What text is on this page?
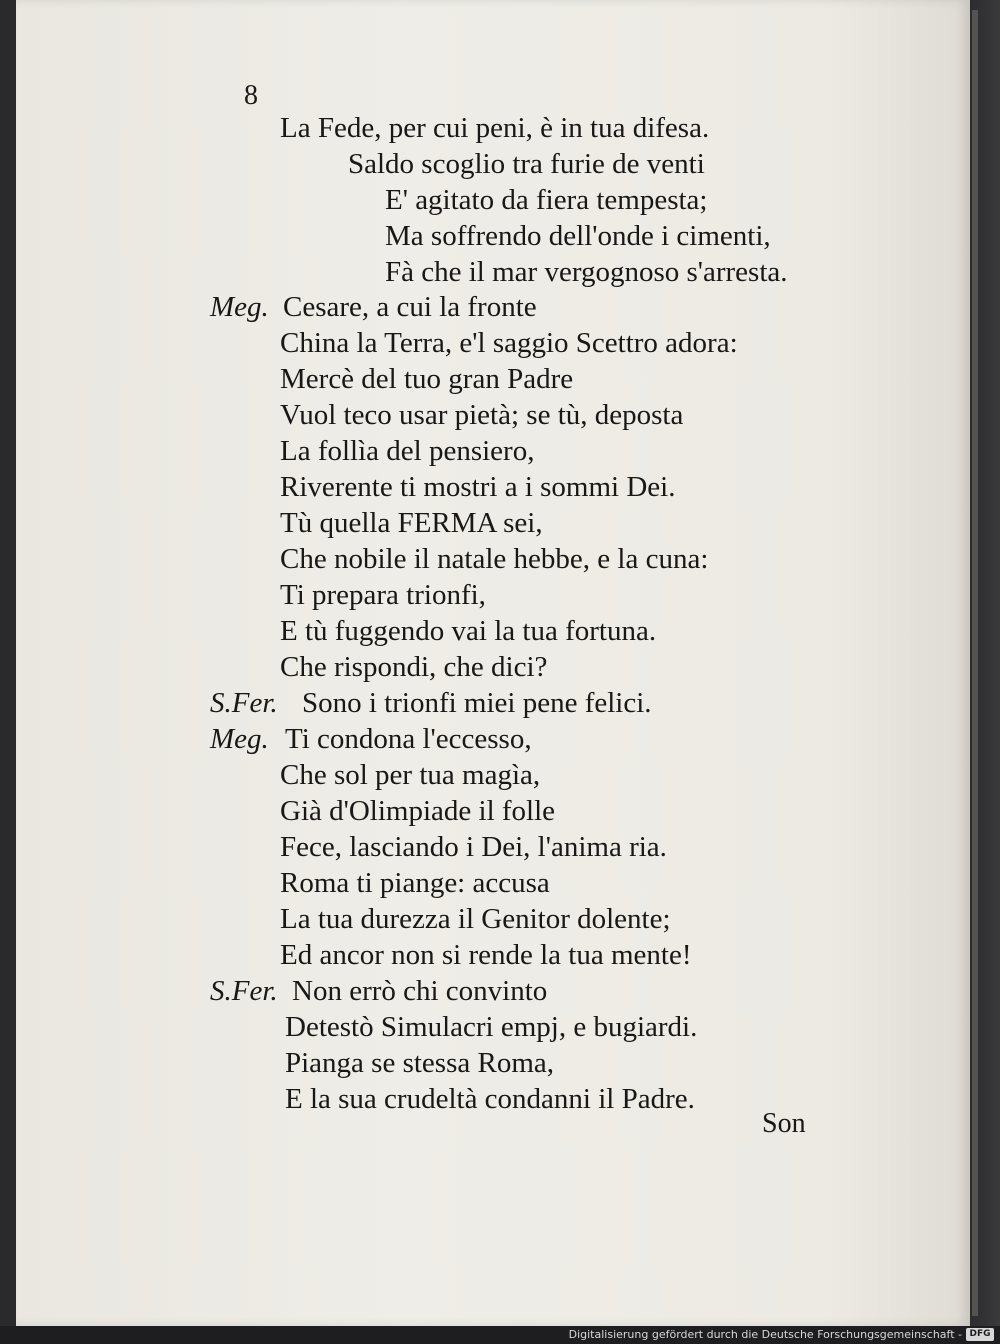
8
La Fede, per cui peni, è in tua difesa.
Saldo scoglio tra furie de venti
E' agitato da fiera tempesta;
Ma soffrendo dell'onde i cimenti,
Fà che il mar vergognoso s'arresta.
Meg. Cesare, a cui la fronte
China la Terra, e'l saggio Scettro adora:
Mercè del tuo gran Padre
Vuol teco usar pietà; se tù, deposta
La follìa del pensiero,
Riverente ti mostri a i sommi Dei.
Tù quella FERMA sei,
Che nobile il natale hebbe, e la cuna:
Ti prepara trionfi,
E tù fuggendo vai la tua fortuna.
Che rispondi, che dici?
S.Fer. Sono i trionfi miei pene felici.
Meg. Ti condona l'eccesso,
Che sol per tua magìa,
Già d'Olimpiade il folle
Fece, lasciando i Dei, l'anima ria.
Roma ti piange: accusa
La tua durezza il Genitor dolente;
Ed ancor non si rende la tua mente!
S.Fer. Non errò chi convinto
Detestò Simulacri empj, e bugiardi.
Pianga se stessa Roma,
E la sua crudeltà condanni il Padre.
Son
Digitalisierung gefördert durch die Deutsche Forschungsgemeinschaft - DFG
